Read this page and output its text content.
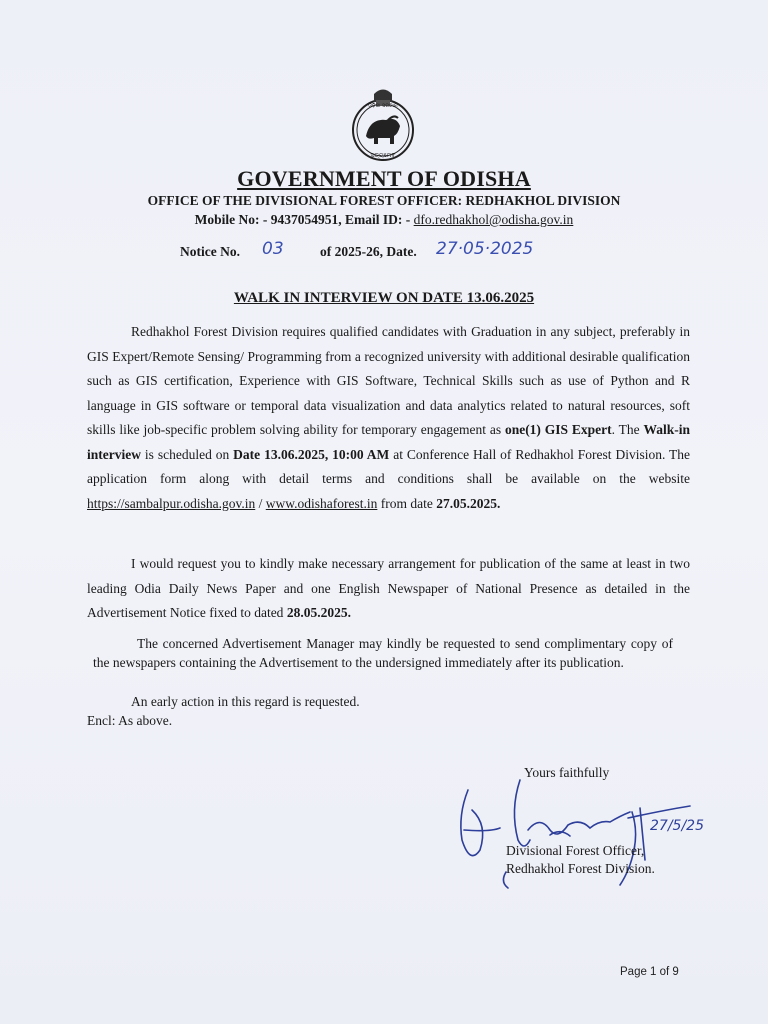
ସତ୍ୟମେବ
ଓଡ଼ିଶା ସରକାର
GOVERNMENT OF ODISHA
OFFICE OF THE DIVISIONAL FOREST OFFICER: REDHAKHOL DIVISION
Mobile No: - 9437054951, Email ID: - dfo.redhakhol@odisha.gov.in
Notice No. 03	of 2025-26, Date. 27·05·2025
WALK IN INTERVIEW ON DATE 13.06.2025
Redhakhol Forest Division requires qualified candidates with Graduation in any subject, preferably in GIS Expert/Remote Sensing/ Programming from a recognized university with additional desirable qualification such as GIS certification, Experience with GIS Software, Technical Skills such as use of Python and R language in GIS software or temporal data visualization and data analytics related to natural resources, soft skills like job-specific problem solving ability for temporary engagement as one(1) GIS Expert. The Walk-in interview is scheduled on Date 13.06.2025, 10:00 AM at Conference Hall of Redhakhol Forest Division. The application form along with detail terms and conditions shall be available on the website https://sambalpur.odisha.gov.in / www.odishaforest.in from date 27.05.2025.
I would request you to kindly make necessary arrangement for publication of the same at least in two leading Odia Daily News Paper and one English Newspaper of National Presence as detailed in the Advertisement Notice fixed to dated 28.05.2025.
The concerned Advertisement Manager may kindly be requested to send complimentary copy of the newspapers containing the Advertisement to the undersigned immediately after its publication.
An early action in this regard is requested.
Encl: As above.
Yours faithfully
27/5/25
Divisional Forest Officer,
Redhakhol Forest Division.
Page 1 of 9
